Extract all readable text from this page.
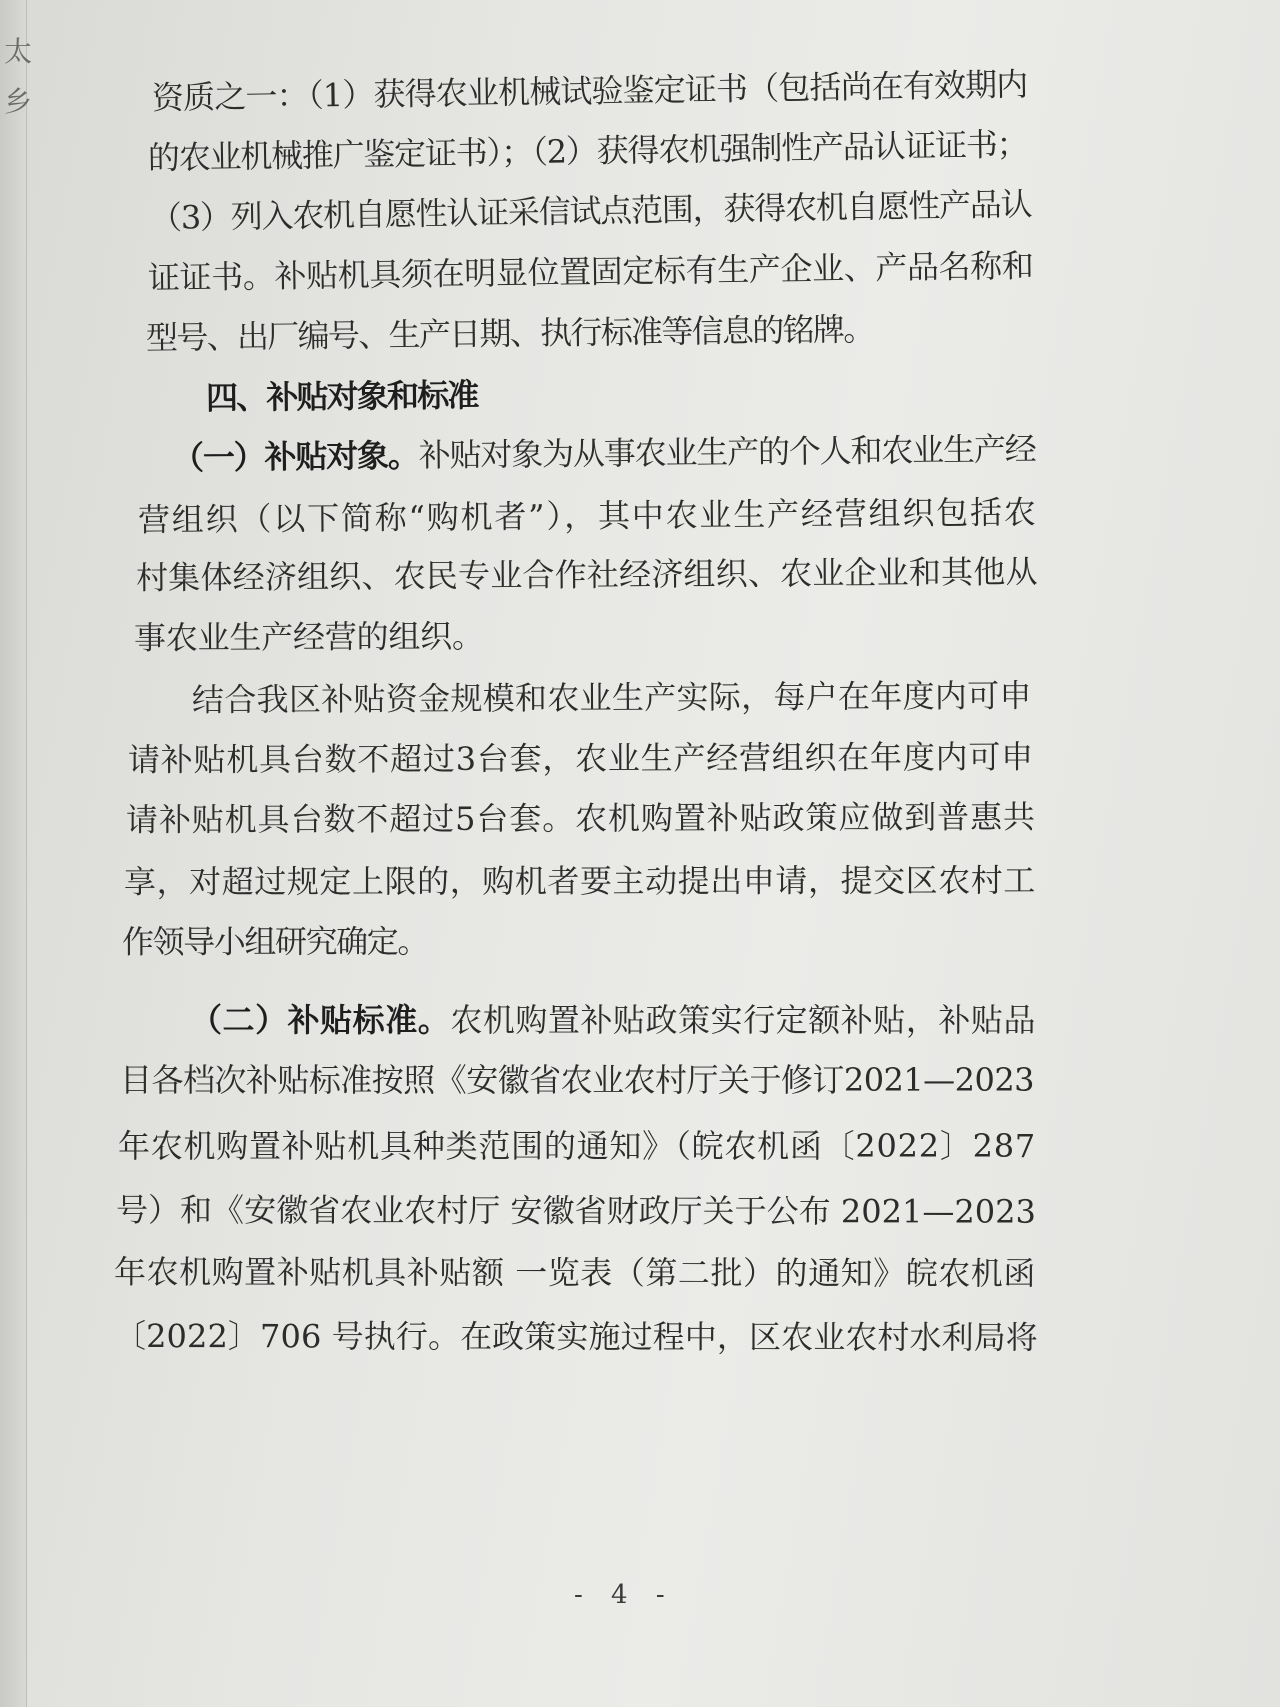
太
乡	资质之一：（1）获得农业机械试验鉴定证书（包括尚在有效期内
的农业机械推广鉴定证书）；（2）获得农机强制性产品认证证书；
（3）列入农机自愿性认证采信试点范围，获得农机自愿性产品认
证证书。补贴机具须在明显位置固定标有生产企业、产品名称和
型号、出厂编号、生产日期、执行标准等信息的铭牌。
四、补贴对象和标准
（一）补贴对象。补贴对象为从事农业生产的个人和农业生产经
营组织（以下简称“购机者”），其中农业生产经营组织包括农
村集体经济组织、农民专业合作社经济组织、农业企业和其他从
事农业生产经营的组织。
结合我区补贴资金规模和农业生产实际，每户在年度内可申
请补贴机具台数不超过3台套，农业生产经营组织在年度内可申
请补贴机具台数不超过5台套。农机购置补贴政策应做到普惠共
享，对超过规定上限的，购机者要主动提出申请，提交区农村工
作领导小组研究确定。
（二）补贴标准。农机购置补贴政策实行定额补贴，补贴品
目各档次补贴标准按照《安徽省农业农村厅关于修订2021—2023
年农机购置补贴机具种类范围的通知》（皖农机函〔2022〕287
号）和《安徽省农业农村厅 安徽省财政厅关于公布 2021—2023
年农机购置补贴机具补贴额 一览表（第二批）的通知》皖农机函
〔2022〕706 号执行。在政策实施过程中，区农业农村水利局将
- 4 -
